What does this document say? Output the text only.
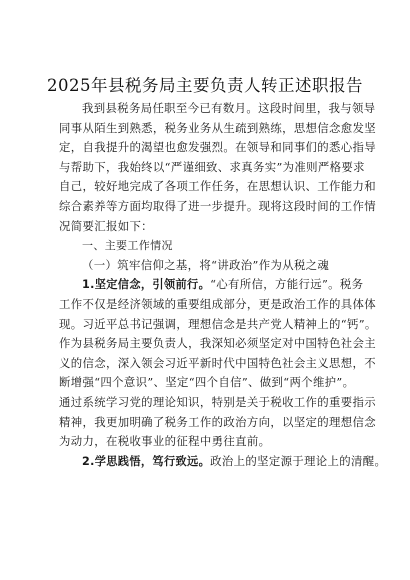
2025年县税务局主要负责人转正述职报告
我到县税务局任职至今已有数月。这段时间里，我与领导
同事从陌生到熟悉，税务业务从生疏到熟练，思想信念愈发坚
定，自我提升的渴望也愈发强烈。在领导和同事们的悉心指导
与帮助下，我始终以“严谨细致、求真务实”为准则严格要求
自己，较好地完成了各项工作任务，在思想认识、工作能力和
综合素养等方面均取得了进一步提升。现将这段时间的工作情
况简要汇报如下：
一、主要工作情况
（一）筑牢信仰之基，将“讲政治”作为从税之魂
1.坚定信念，引领前行。“心有所信，方能行远”。税务
工作不仅是经济领域的重要组成部分，更是政治工作的具体体
现。习近平总书记强调，理想信念是共产党人精神上的“钙”。
作为县税务局主要负责人，我深知必须坚定对中国特色社会主
义的信念，深入领会习近平新时代中国特色社会主义思想，不
断增强“四个意识”、坚定“四个自信”、做到“两个维护”。
通过系统学习党的理论知识，特别是关于税收工作的重要指示
精神，我更加明确了税务工作的政治方向，以坚定的理想信念
为动力，在税收事业的征程中勇往直前。
2.学思践悟，笃行致远。政治上的坚定源于理论上的清醒。
